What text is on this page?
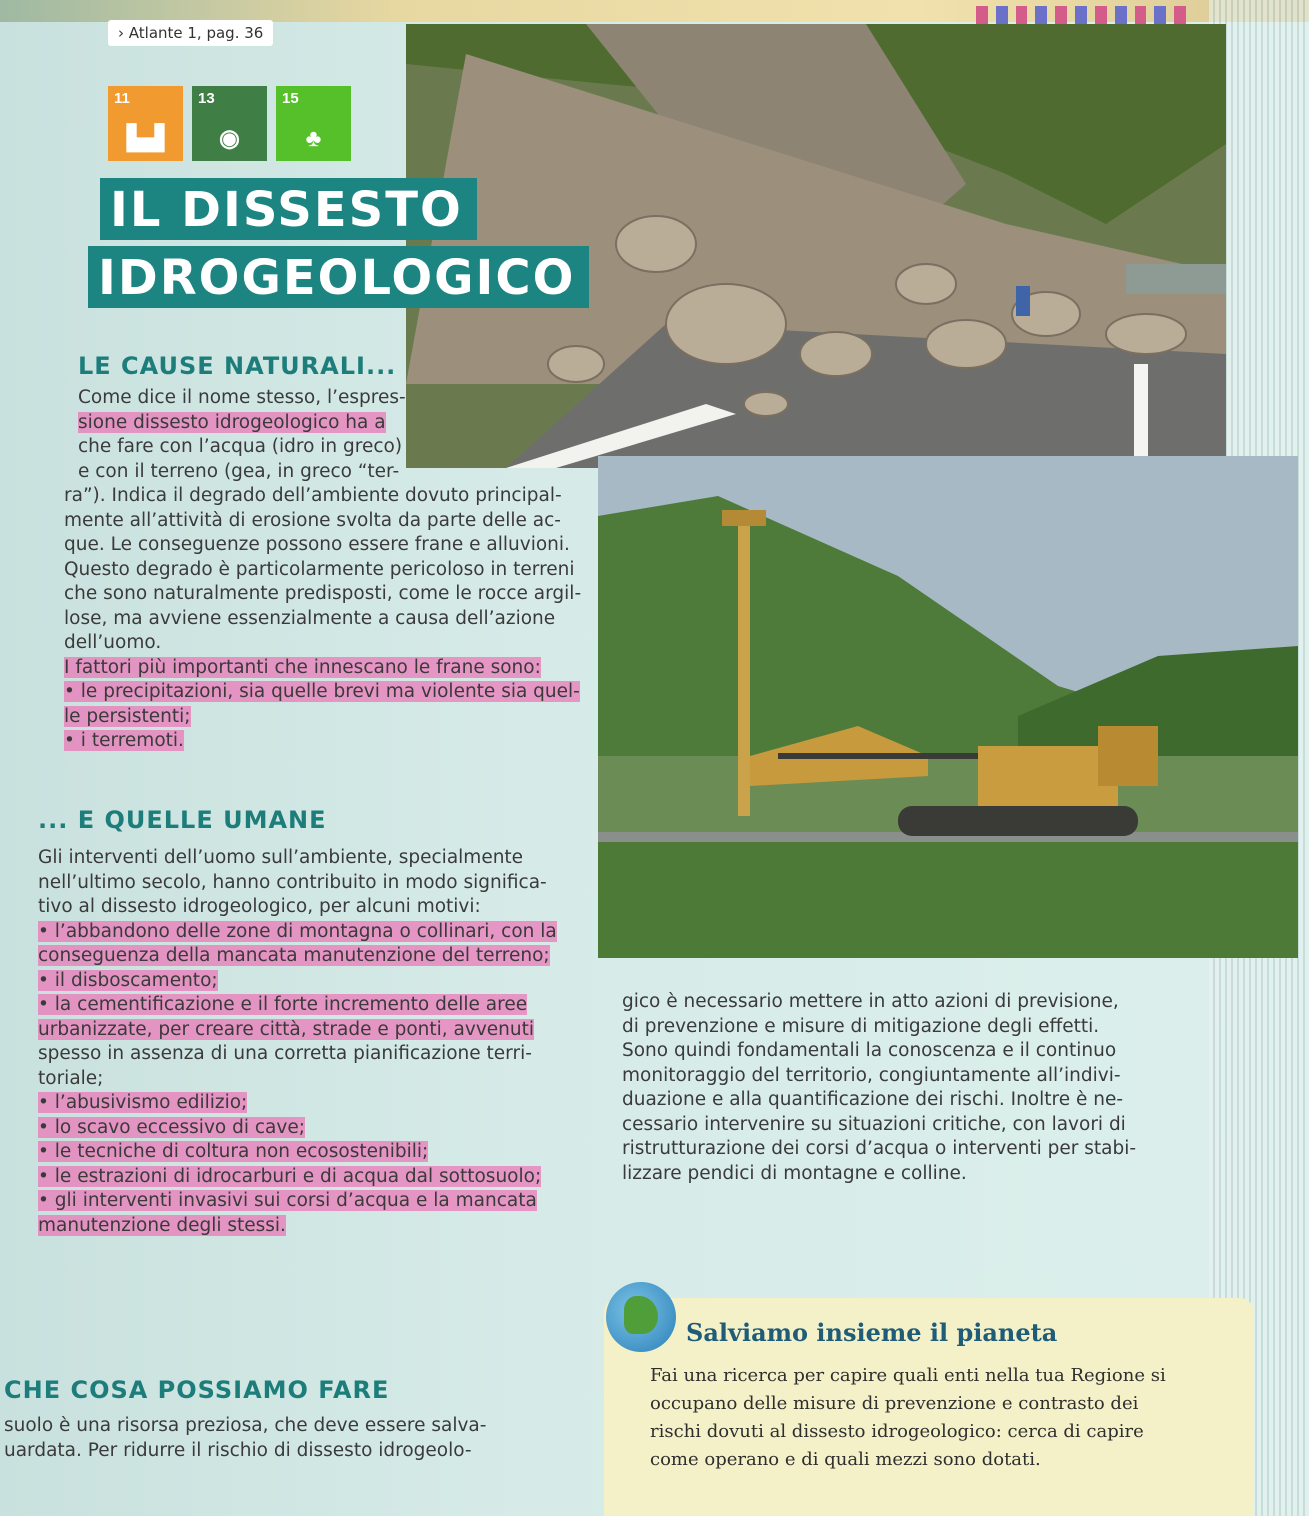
› Atlante 1, pag. 36
11
▙▟
13
◉
15
♣
IL DISSESTO
IDROGEOLOGICO
LE CAUSE NATURALI...

Come dice il nome stesso, l’espres-

sione dissesto idrogeologico ha a

che fare con l’acqua (idro in greco)

e con il terreno (gea, in greco “ter-

ra”). Indica il degrado dell’ambiente dovuto principal-

mente all’attività di erosione svolta da parte delle ac-

que. Le conseguenze possono essere frane e alluvioni.

Questo degrado è particolarmente pericoloso in terreni

che sono naturalmente predisposti, come le rocce argil-

lose, ma avviene essenzialmente a causa dell’azione

dell’uomo.

I fattori più importanti che innescano le frane sono:

• le precipitazioni, sia quelle brevi ma violente sia quel-

le persistenti;

• i terremoti.

... E QUELLE UMANE

Gli interventi dell’uomo sull’ambiente, specialmente

nell’ultimo secolo, hanno contribuito in modo significa-

tivo al dissesto idrogeologico, per alcuni motivi:

• l’abbandono delle zone di montagna o collinari, con la

conseguenza della mancata manutenzione del terreno;

• il disboscamento;

• la cementificazione e il forte incremento delle aree

urbanizzate, per creare città, strade e ponti, avvenuti

spesso in assenza di una corretta pianificazione terri-

toriale;

• l’abusivismo edilizio;

• lo scavo eccessivo di cave;

• le tecniche di coltura non ecosostenibili;

• le estrazioni di idrocarburi e di acqua dal sottosuolo;

• gli interventi invasivi sui corsi d’acqua e la mancata

manutenzione degli stessi.

CHE COSA POSSIAMO FARE

suolo è una risorsa preziosa, che deve essere salva-

uardata. Per ridurre il rischio di dissesto idrogeolo-

gico è necessario mettere in atto azioni di previsione,

di prevenzione e misure di mitigazione degli effetti.

Sono quindi fondamentali la conoscenza e il continuo

monitoraggio del territorio, congiuntamente all’indivi-

duazione e alla quantificazione dei rischi. Inoltre è ne-

cessario intervenire su situazioni critiche, con lavori di

ristrutturazione dei corsi d’acqua o interventi per stabi-

lizzare pendici di montagne e colline.

Salviamo insieme il pianeta
Fai una ricerca per capire quali enti nella tua Regione si
occupano delle misure di prevenzione e contrasto dei
rischi dovuti al dissesto idrogeologico: cerca di capire
come operano e di quali mezzi sono dotati.
